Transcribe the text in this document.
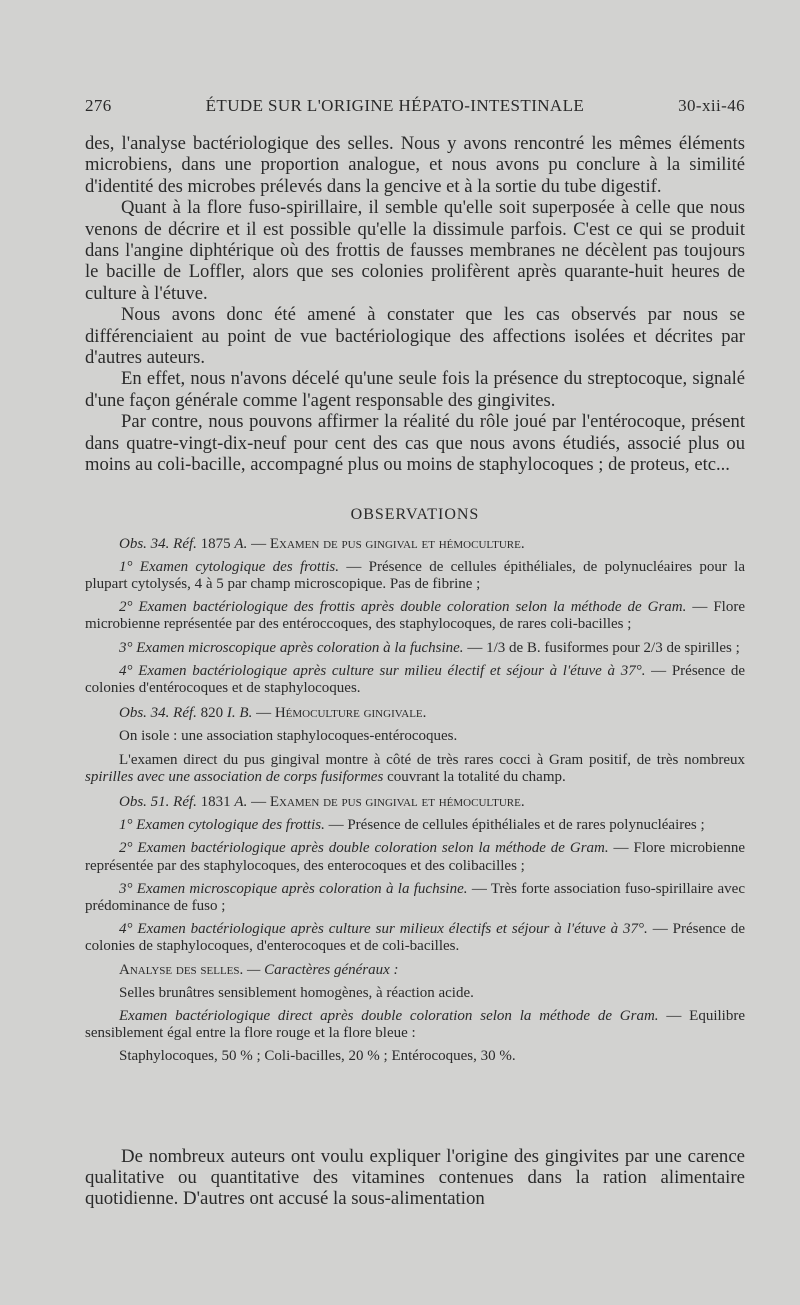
276	ÉTUDE SUR L'ORIGINE HÉPATO-INTESTINALE	30-xii-46

des, l'analyse bactériologique des selles. Nous y avons rencontré les mêmes éléments microbiens, dans une proportion analogue, et nous avons pu conclure à la similité d'identité des microbes prélevés dans la gencive et à la sortie du tube digestif.

Quant à la flore fuso-spirillaire, il semble qu'elle soit superposée à celle que nous venons de décrire et il est possible qu'elle la dissimule parfois. C'est ce qui se produit dans l'angine diphtérique où des frottis de fausses membranes ne décèlent pas toujours le bacille de Loffler, alors que ses colonies prolifèrent après quarante-huit heures de culture à l'étuve.

Nous avons donc été amené à constater que les cas observés par nous se différenciaient au point de vue bactériologique des affections isolées et décrites par d'autres auteurs.

En effet, nous n'avons décelé qu'une seule fois la présence du streptocoque, signalé d'une façon générale comme l'agent responsable des gingivites.

Par contre, nous pouvons affirmer la réalité du rôle joué par l'entérocoque, présent dans quatre-vingt-dix-neuf pour cent des cas que nous avons étudiés, associé plus ou moins au coli-bacille, accompagné plus ou moins de staphylocoques ; de proteus, etc...

OBSERVATIONS

Obs. 34. Réf. 1875 A. — Examen de pus gingival et hémoculture.

1° Examen cytologique des frottis. — Présence de cellules épithéliales, de polynucléaires pour la plupart cytolysés, 4 à 5 par champ microscopique. Pas de fibrine ;

2° Examen bactériologique des frottis après double coloration selon la méthode de Gram. — Flore microbienne représentée par des entéroccoques, des staphylocoques, de rares coli-bacilles ;

3° Examen microscopique après coloration à la fuchsine. — 1/3 de B. fusiformes pour 2/3 de spirilles ;

4° Examen bactériologique après culture sur milieu électif et séjour à l'étuve à 37°. — Présence de colonies d'entérocoques et de staphylocoques.

Obs. 34. Réf. 820 I. B. — Hémoculture gingivale.

On isole : une association staphylocoques-entérocoques.

L'examen direct du pus gingival montre à côté de très rares cocci à Gram positif, de très nombreux spirilles avec une association de corps fusiformes couvrant la totalité du champ.

Obs. 51. Réf. 1831 A. — Examen de pus gingival et hémoculture.

1° Examen cytologique des frottis. — Présence de cellules épithéliales et de rares polynucléaires ;

2° Examen bactériologique après double coloration selon la méthode de Gram. — Flore microbienne représentée par des staphylocoques, des enterocoques et des colibacilles ;

3° Examen microscopique après coloration à la fuchsine. — Très forte association fuso-spirillaire avec prédominance de fuso ;

4° Examen bactériologique après culture sur milieux électifs et séjour à l'étuve à 37°. — Présence de colonies de staphylocoques, d'enterocoques et de coli-bacilles.

Analyse des selles. — Caractères généraux :

Selles brunâtres sensiblement homogènes, à réaction acide.

Examen bactériologique direct après double coloration selon la méthode de Gram. — Equilibre sensiblement égal entre la flore rouge et la flore bleue :

Staphylocoques, 50 % ; Coli-bacilles, 20 % ; Entérocoques, 30 %.

De nombreux auteurs ont voulu expliquer l'origine des gingivites par une carence qualitative ou quantitative des vitamines contenues dans la ration alimentaire quotidienne. D'autres ont accusé la sous-alimentation
